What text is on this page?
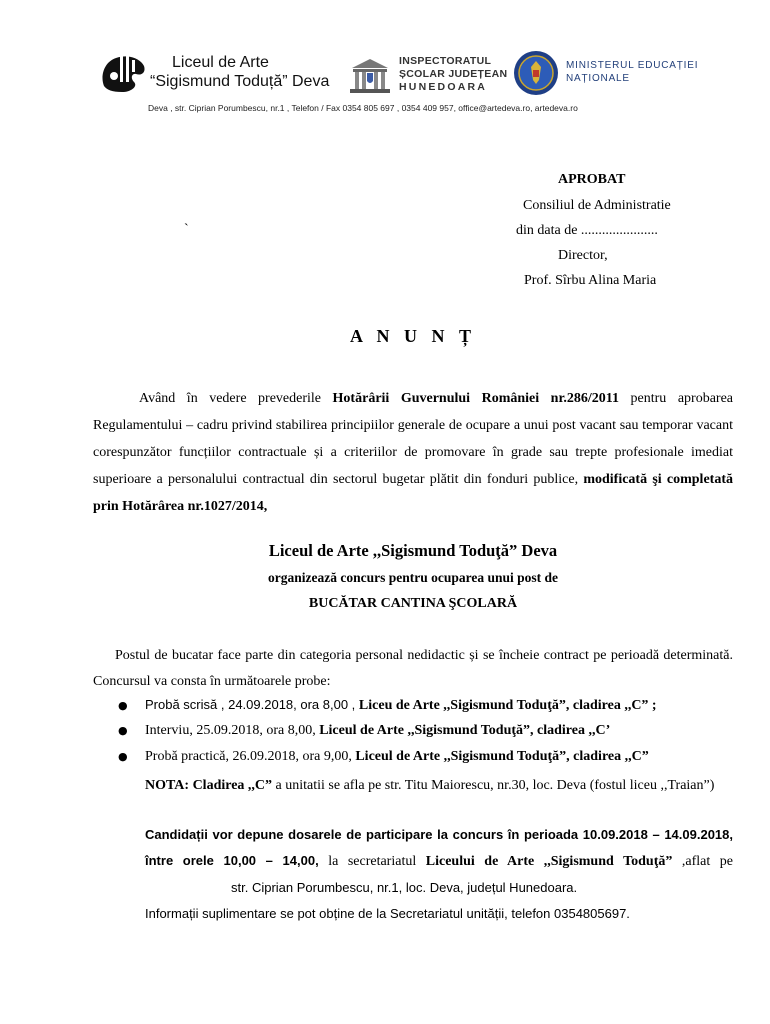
Liceul de Arte
“Sigismund Toduță” Deva
INSPECTORATUL
ȘCOLAR JUDEȚEAN
HUNEDOARA
MINISTERUL EDUCAȚIEI
NAȚIONALE
Deva , str. Ciprian Porumbescu, nr.1 , Telefon / Fax 0354 805 697 , 0354 409 957, office@artedeva.ro, artedeva.ro
APROBAT
Consiliul de Administratie
din data de ......................
Director,
Prof. Sîrbu Alina Maria
`
A N U N Ț
Având în vedere prevederile Hotărârii Guvernului României nr.286/2011 pentru aprobarea Regulamentului – cadru privind stabilirea principiilor generale de ocupare a unui post vacant sau temporar vacant corespunzător funcțiilor contractuale și a criteriilor de promovare în grade sau trepte profesionale imediat superioare a personalului contractual din sectorul bugetar plătit din fonduri publice, modificată şi completată prin Hotărârea nr.1027/2014,
Liceul de Arte ,,Sigismund Toduţă” Deva
organizează concurs pentru ocuparea unui post de
BUCĂTAR CANTINA ŞCOLARĂ
Postul de bucatar face parte din categoria personal nedidactic și se încheie contract pe perioadă determinată. Concursul va consta în următoarele probe:
● Probă scrisă , 24.09.2018, ora 8,00 , Liceu de Arte ,,Sigismund Toduţă”, cladirea ,,C” ;
● Interviu, 25.09.2018, ora 8,00, Liceul de Arte ,,Sigismund Toduţă”, cladirea ,,C’
● Probă practică, 26.09.2018, ora 9,00, Liceul de Arte ,,Sigismund Toduţă”, cladirea ,,C”
NOTA: Cladirea ,,C” a unitatii se afla pe str. Titu Maiorescu, nr.30, loc. Deva (fostul liceu ,,Traian”)
Candidații vor depune dosarele de participare la concurs în perioada 10.09.2018 – 14.09.2018, între orele 10,00 – 14,00, la secretariatul Liceului de Arte ,,Sigismund Toduţă” ,aflat pestr. Ciprian Porumbescu, nr.1, loc. Deva, județul Hunedoara.
Informații suplimentare se pot obține de la Secretariatul unității, telefon 0354805697.
